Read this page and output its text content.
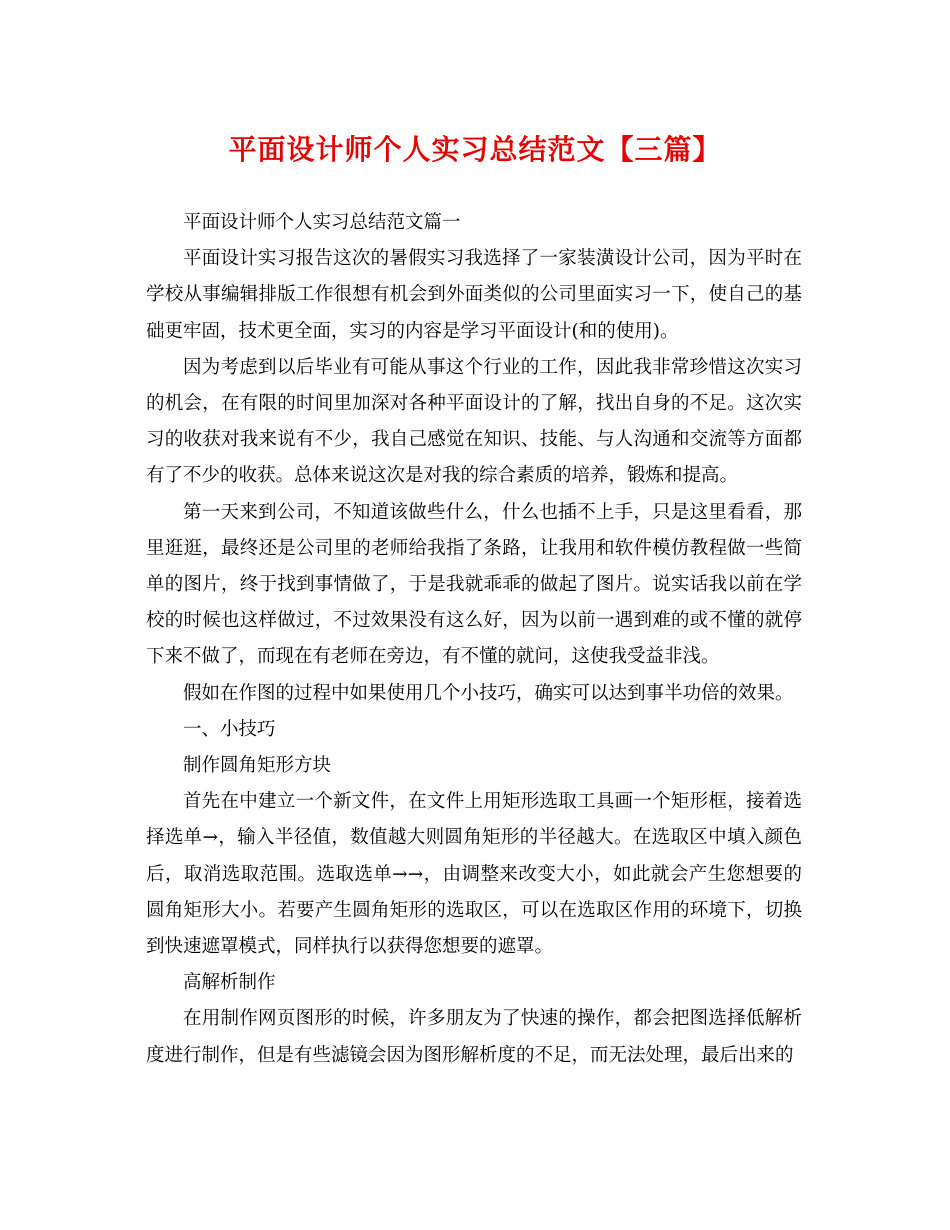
平面设计师个人实习总结范文【三篇】

平面设计师个人实习总结范文篇一

平面设计实习报告这次的暑假实习我选择了一家装潢设计公司，因为平时在学校从事编辑排版工作很想有机会到外面类似的公司里面实习一下，使自己的基础更牢固，技术更全面，实习的内容是学习平面设计(和的使用)。

因为考虑到以后毕业有可能从事这个行业的工作，因此我非常珍惜这次实习的机会，在有限的时间里加深对各种平面设计的了解，找出自身的不足。这次实习的收获对我来说有不少，我自己感觉在知识、技能、与人沟通和交流等方面都有了不少的收获。总体来说这次是对我的综合素质的培养，锻炼和提高。

第一天来到公司，不知道该做些什么，什么也插不上手，只是这里看看，那里逛逛，最终还是公司里的老师给我指了条路，让我用和软件模仿教程做一些简单的图片，终于找到事情做了，于是我就乖乖的做起了图片。说实话我以前在学校的时候也这样做过，不过效果没有这么好，因为以前一遇到难的或不懂的就停下来不做了，而现在有老师在旁边，有不懂的就问，这使我受益非浅。

假如在作图的过程中如果使用几个小技巧，确实可以达到事半功倍的效果。

一、小技巧

制作圆角矩形方块

首先在中建立一个新文件，在文件上用矩形选取工具画一个矩形框，接着选择选单→，输入半径值，数值越大则圆角矩形的半径越大。在选取区中填入颜色后，取消选取范围。选取选单→→，由调整来改变大小，如此就会产生您想要的圆角矩形大小。若要产生圆角矩形的选取区，可以在选取区作用的环境下，切换到快速遮罩模式，同样执行以获得您想要的遮罩。

高解析制作

在用制作网页图形的时候，许多朋友为了快速的操作，都会把图选择低解析度进行制作，但是有些滤镜会因为图形解析度的不足，而无法处理，最后出来的
